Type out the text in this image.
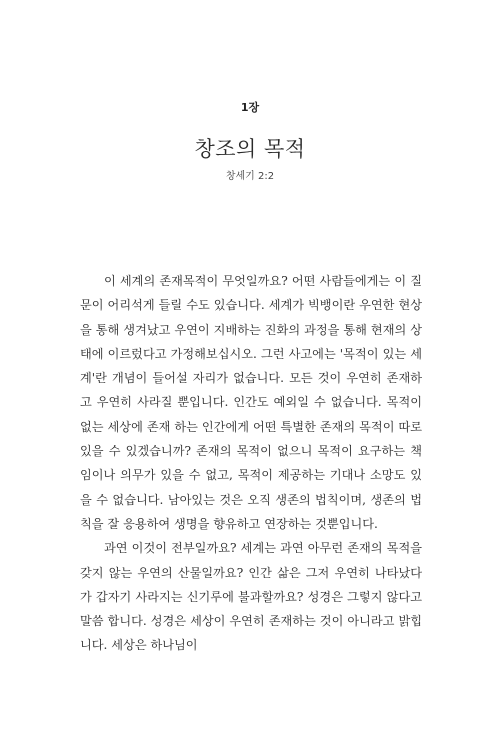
1장
창조의 목적
창세기 2:2

이 세계의 존재목적이 무엇일까요? 어떤 사람들에게는 이 질문이 어리석게 들릴 수도 있습니다. 세계가 빅뱅이란 우연한 현상을 통해 생겨났고 우연이 지배하는 진화의 과정을 통해 현재의 상태에 이르렀다고 가정해보십시오. 그런 사고에는 '목적이 있는 세계'란 개념이 들어설 자리가 없습니다. 모든 것이 우연히 존재하고 우연히 사라질 뿐입니다. 인간도 예외일 수 없습니다. 목적이 없는 세상에 존재 하는 인간에게 어떤 특별한 존재의 목적이 따로 있을 수 있겠습니까? 존재의 목적이 없으니 목적이 요구하는 책임이나 의무가 있을 수 없고, 목적이 제공하는 기대나 소망도 있을 수 없습니다. 남아있는 것은 오직 생존의 법칙이며, 생존의 법칙을 잘 응용하여 생명을 향유하고 연장하는 것뿐입니다.

과연 이것이 전부일까요? 세계는 과연 아무런 존재의 목적을 갖지 않는 우연의 산물일까요? 인간 삶은 그저 우연히 나타났다가 갑자기 사라지는 신기루에 불과할까요? 성경은 그렇지 않다고 말씀 합니다. 성경은 세상이 우연히 존재하는 것이 아니라고 밝힙니다. 세상은 하나님이
